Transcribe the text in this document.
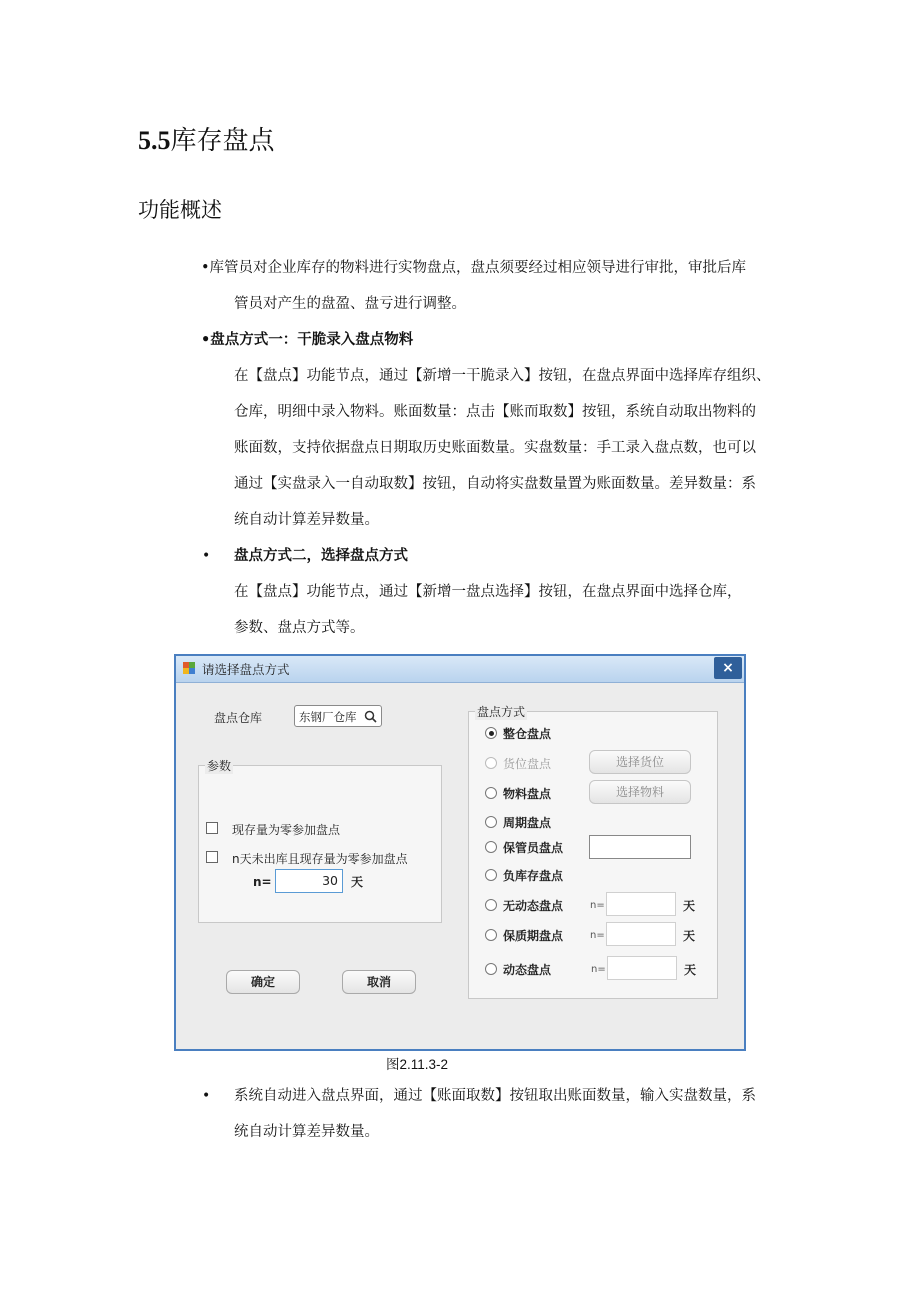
5.5库存盘点
功能概述
•库管员对企业库存的物料进行实物盘点，盘点须要经过相应领导进行审批，审批后库
管员对产生的盘盈、盘亏进行调整。
•盘点方式一：干脆录入盘点物料
在【盘点】功能节点，通过【新增一干脆录入】按钮，在盘点界面中选择库存组织、
仓库，明细中录入物料。账面数量：点击【账而取数】按钮，系统自动取出物料的
账面数，支持依据盘点日期取历史账面数量。实盘数量：手工录入盘点数，也可以
通过【实盘录入一自动取数】按钮，自动将实盘数量置为账面数量。差异数量：系
统自动计算差异数量。
• 盘点方式二，选择盘点方式
在【盘点】功能节点，通过【新增一盘点选择】按钮，在盘点界面中选择仓库，
参数、盘点方式等。
请选择盘点方式	×
盘点仓库	东钢厂仓库
参数
现存量为零参加盘点
n天未出库且现存量为零参加盘点
n=	30	天
确定	取消
盘点方式
整仓盘点
货位盘点	选择货位
物料盘点	选择物料
周期盘点
保管员盘点
负库存盘点
无动态盘点	n=	天
保质期盘点	n=	天
动态盘点	n=	天
图2.11.3-2
• 系统自动进入盘点界面，通过【账面取数】按钮取出账面数量，输入实盘数量，系
统自动计算差异数量。
